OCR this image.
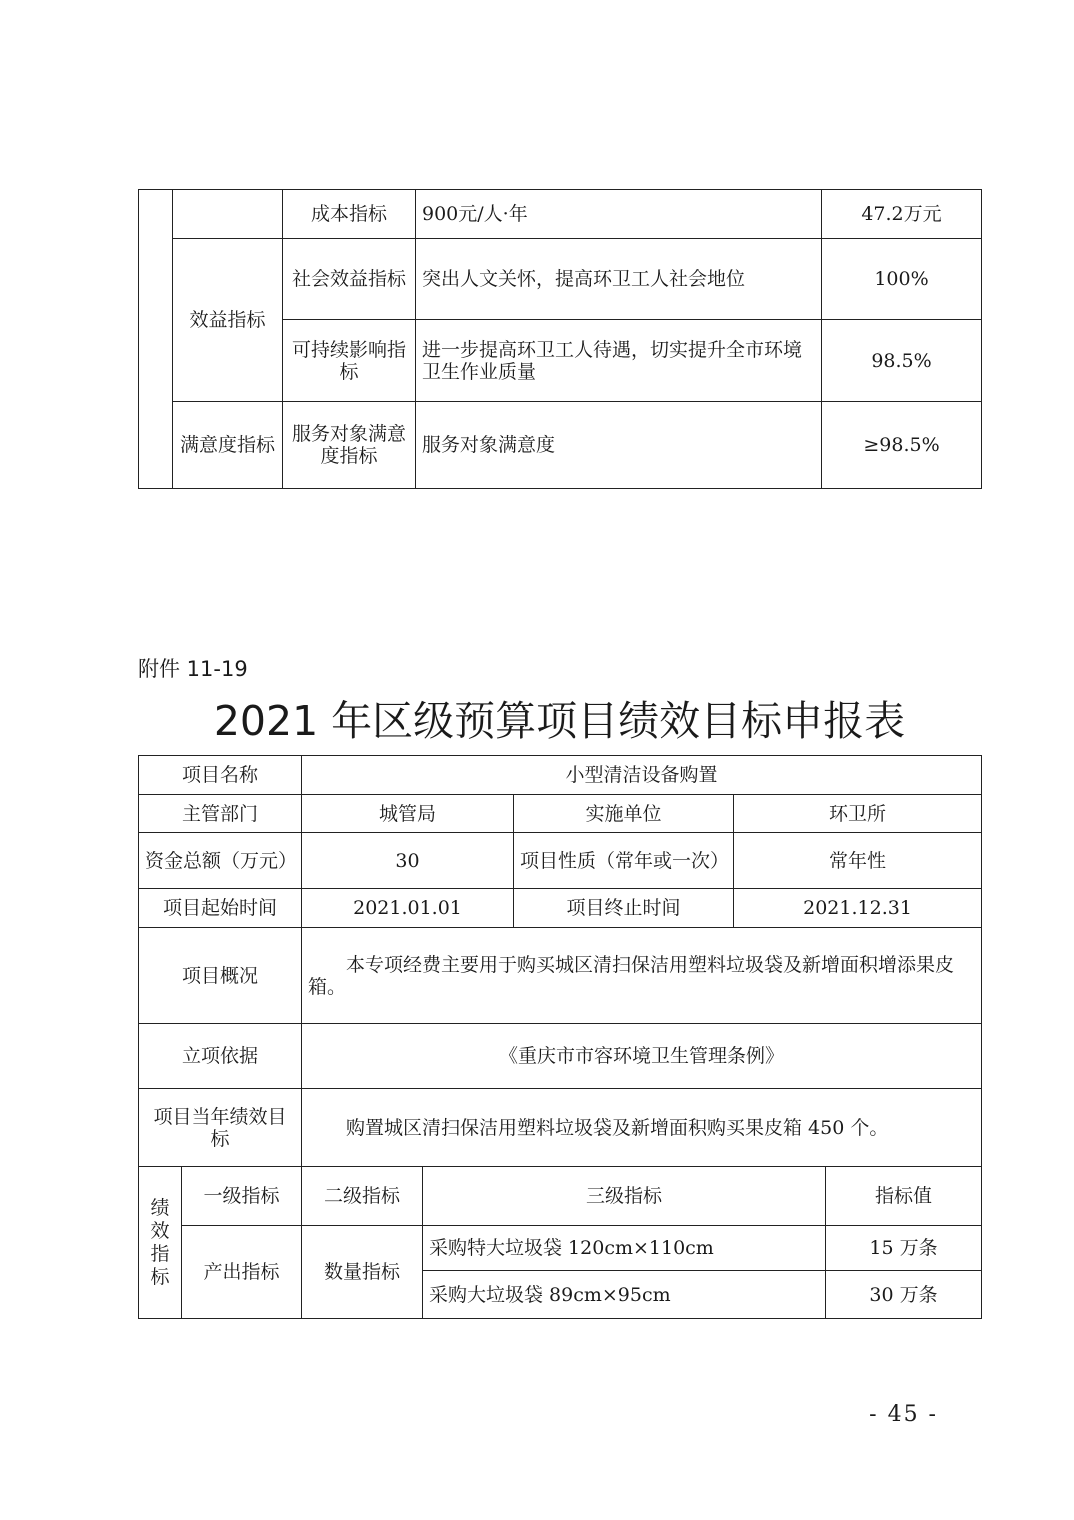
		成本指标	900元/人·年	47.2万元
	效益指标	社会效益指标	突出人文关怀，提高环卫工人社会地位	100%
		可持续影响指标	进一步提高环卫工人待遇，切实提升全市环境卫生作业质量	98.5%
	满意度指标	服务对象满意度指标	服务对象满意度	≥98.5%
附件 11-19
2021 年区级预算项目绩效目标申报表
项目名称		小型清洁设备购置				
主管部门		城管局		实施单位	环卫所	
资金总额（万元）		30		项目性质（常年或一次）	常年性	
项目起始时间		2021.01.01		项目终止时间	2021.12.31	
项目概况		本专项经费主要用于购买城区清扫保洁用塑料垃圾袋及新增面积增添果皮箱。				
立项依据		《重庆市市容环境卫生管理条例》				
项目当年绩效目标		购置城区清扫保洁用塑料垃圾袋及新增面积购买果皮箱 450 个。				
绩效指标	一级指标	二级指标	三级指标			指标值
	产出指标	数量指标	采购特大垃圾袋 120cm×110cm			15 万条
			采购大垃圾袋 89cm×95cm			30 万条
- 45 -
